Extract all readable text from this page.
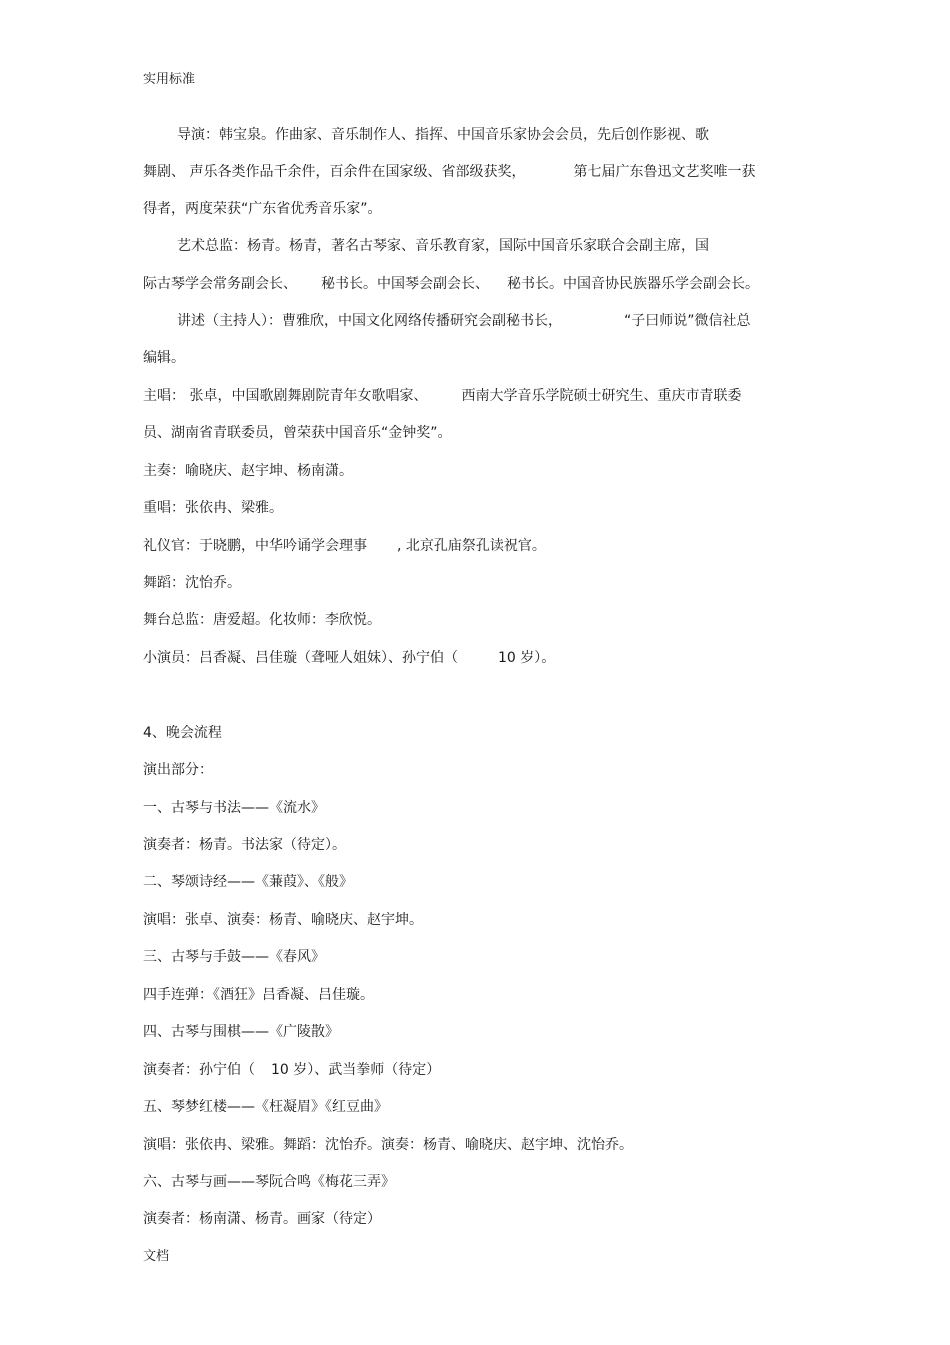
实用标准
导演：韩宝泉。作曲家、音乐制作人、指挥、中国音乐家协会会员，先后创作影视、歌
舞剧、 声乐各类作品千余件，百余件在国家级、省部级获奖，	第七届广东鲁迅文艺奖唯一获
得者，两度荣获“广东省优秀音乐家”。
艺术总监：杨青。杨青，著名古琴家、音乐教育家，国际中国音乐家联合会副主席，国
际古琴学会常务副会长、 秘书长。中国琴会副会长、 秘书长。中国音协民族器乐学会副会长。
讲述（主持人）：曹雅欣，中国文化网络传播研究会副秘书长，	“子曰师说”微信社总
编辑。
主唱： 张卓，中国歌剧舞剧院青年女歌唱家、 西南大学音乐学院硕士研究生、重庆市青联委
员、湖南省青联委员，曾荣获中国音乐“金钟奖”。
主奏：喻晓庆、赵宇坤、杨南潇。
重唱：张依冉、梁雅。
礼仪官：于晓鹏，中华吟诵学会理事 , 北京孔庙祭孔读祝官。
舞蹈：沈怡乔。
舞台总监：唐爱超。化妆师：李欣悦。
小演员：吕香凝、吕佳璇（聋哑人姐妹）、孙宁伯（	10 岁）。
4、晚会流程
演出部分：
一、古琴与书法——《流水》
演奏者：杨青。书法家（待定）。
二、琴颂诗经——《蒹葭》、《般》
演唱：张卓、演奏：杨青、喻晓庆、赵宇坤。
三、古琴与手鼓——《春风》
四手连弹：《酒狂》吕香凝、吕佳璇。
四、古琴与围棋——《广陵散》
演奏者：孙宁伯（ 10 岁）、武当拳师（待定）
五、琴梦红楼——《枉凝眉》《红豆曲》
演唱：张依冉、梁雅。舞蹈：沈怡乔。演奏：杨青、喻晓庆、赵宇坤、沈怡乔。
六、古琴与画——琴阮合鸣《梅花三弄》
演奏者：杨南潇、杨青。画家（待定）
文档
